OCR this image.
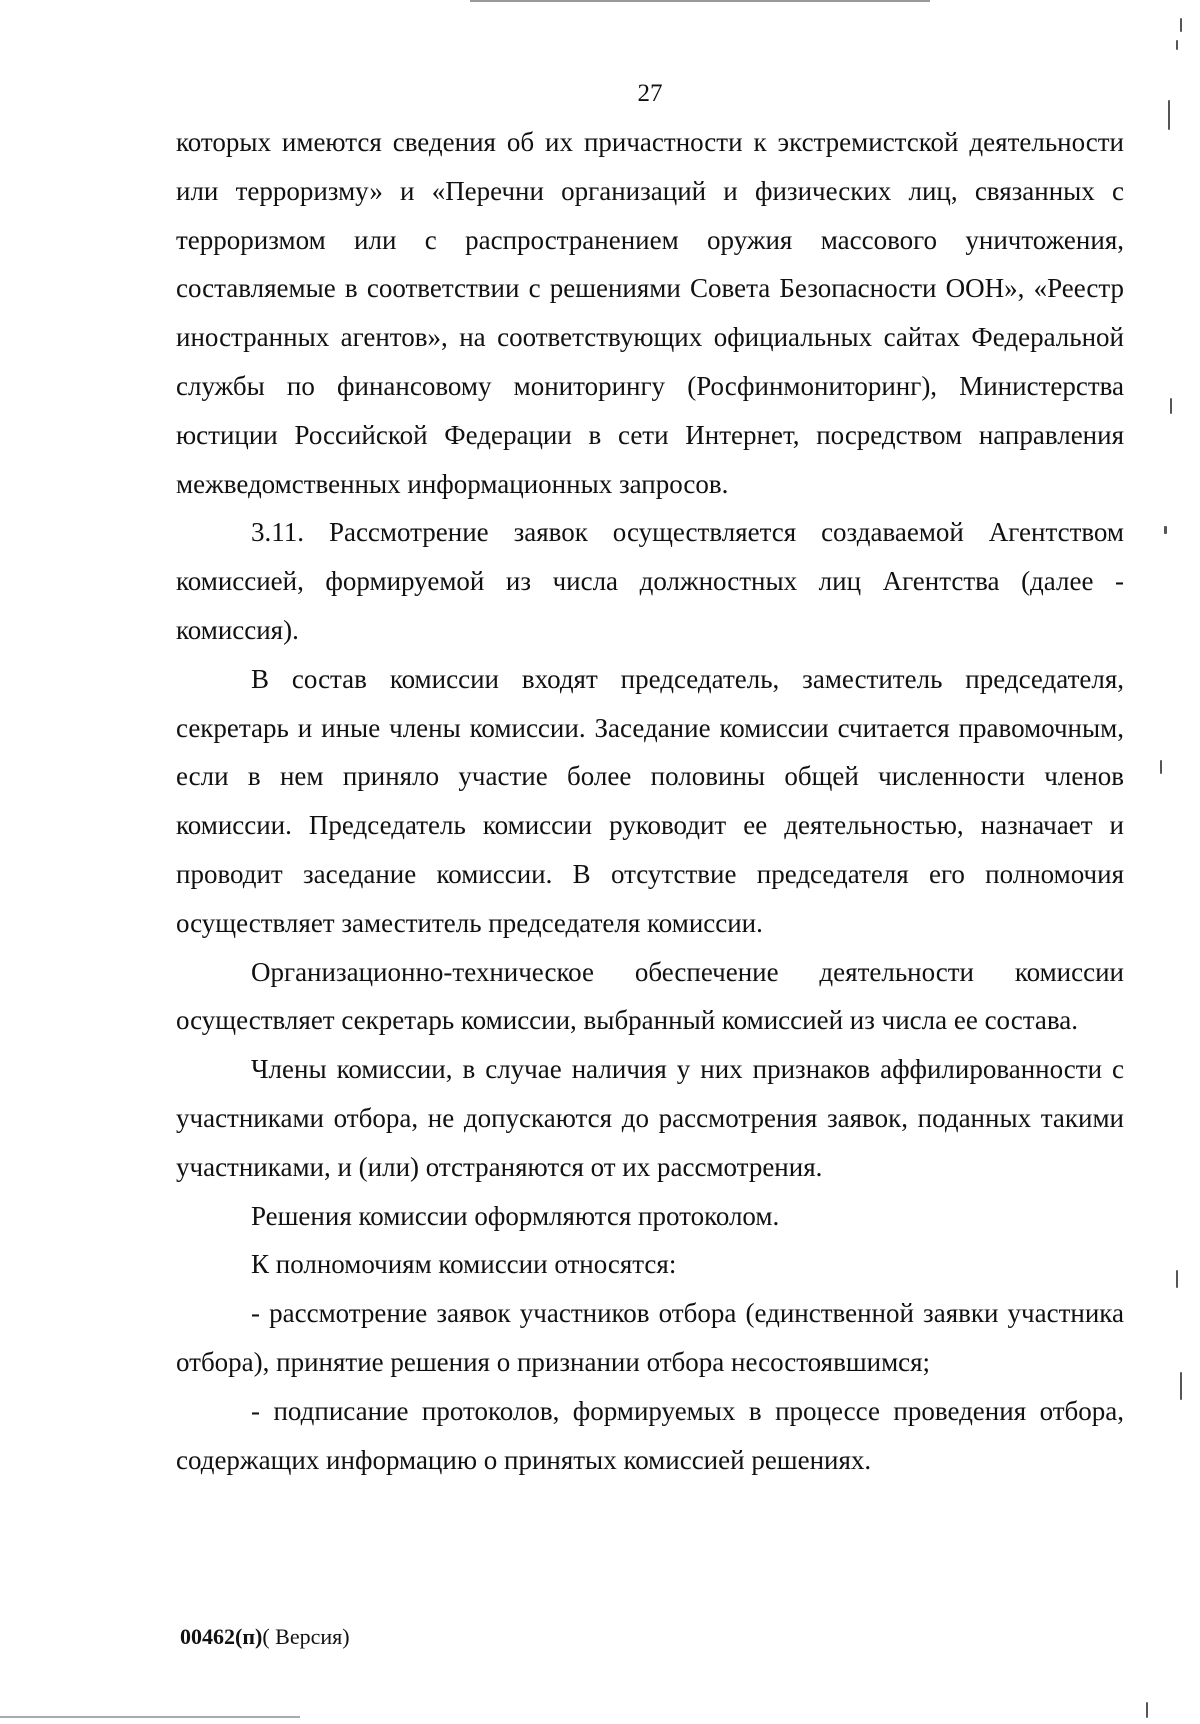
27

которых имеются сведения об их причастности к экстремистской деятельности или терроризму» и «Перечни организаций и физических лиц, связанных с терроризмом или с распространением оружия массового уничтожения, составляемые в соответствии с решениями Совета Безопасности ООН», «Реестр иностранных агентов», на соответствующих официальных сайтах Федеральной службы по финансовому мониторингу (Росфинмониторинг), Министерства юстиции Российской Федерации в сети Интернет, посредством направления межведомственных информационных запросов.

3.11. Рассмотрение заявок осуществляется создаваемой Агентством комиссией, формируемой из числа должностных лиц Агентства (далее - комиссия).

В состав комиссии входят председатель, заместитель председателя, секретарь и иные члены комиссии. Заседание комиссии считается правомочным, если в нем приняло участие более половины общей численности членов комиссии. Председатель комиссии руководит ее деятельностью, назначает и проводит заседание комиссии. В отсутствие председателя его полномочия осуществляет заместитель председателя комиссии.

Организационно-техническое обеспечение деятельности комиссии осуществляет секретарь комиссии, выбранный комиссией из числа ее состава.

Члены комиссии, в случае наличия у них признаков аффилированности с участниками отбора, не допускаются до рассмотрения заявок, поданных такими участниками, и (или) отстраняются от их рассмотрения.

Решения комиссии оформляются протоколом.

К полномочиям комиссии относятся:

- рассмотрение заявок участников отбора (единственной заявки участника отбора), принятие решения о признании отбора несостоявшимся;

- подписание протоколов, формируемых в процессе проведения отбора, содержащих информацию о принятых комиссией решениях.

00462(п)( Версия)
